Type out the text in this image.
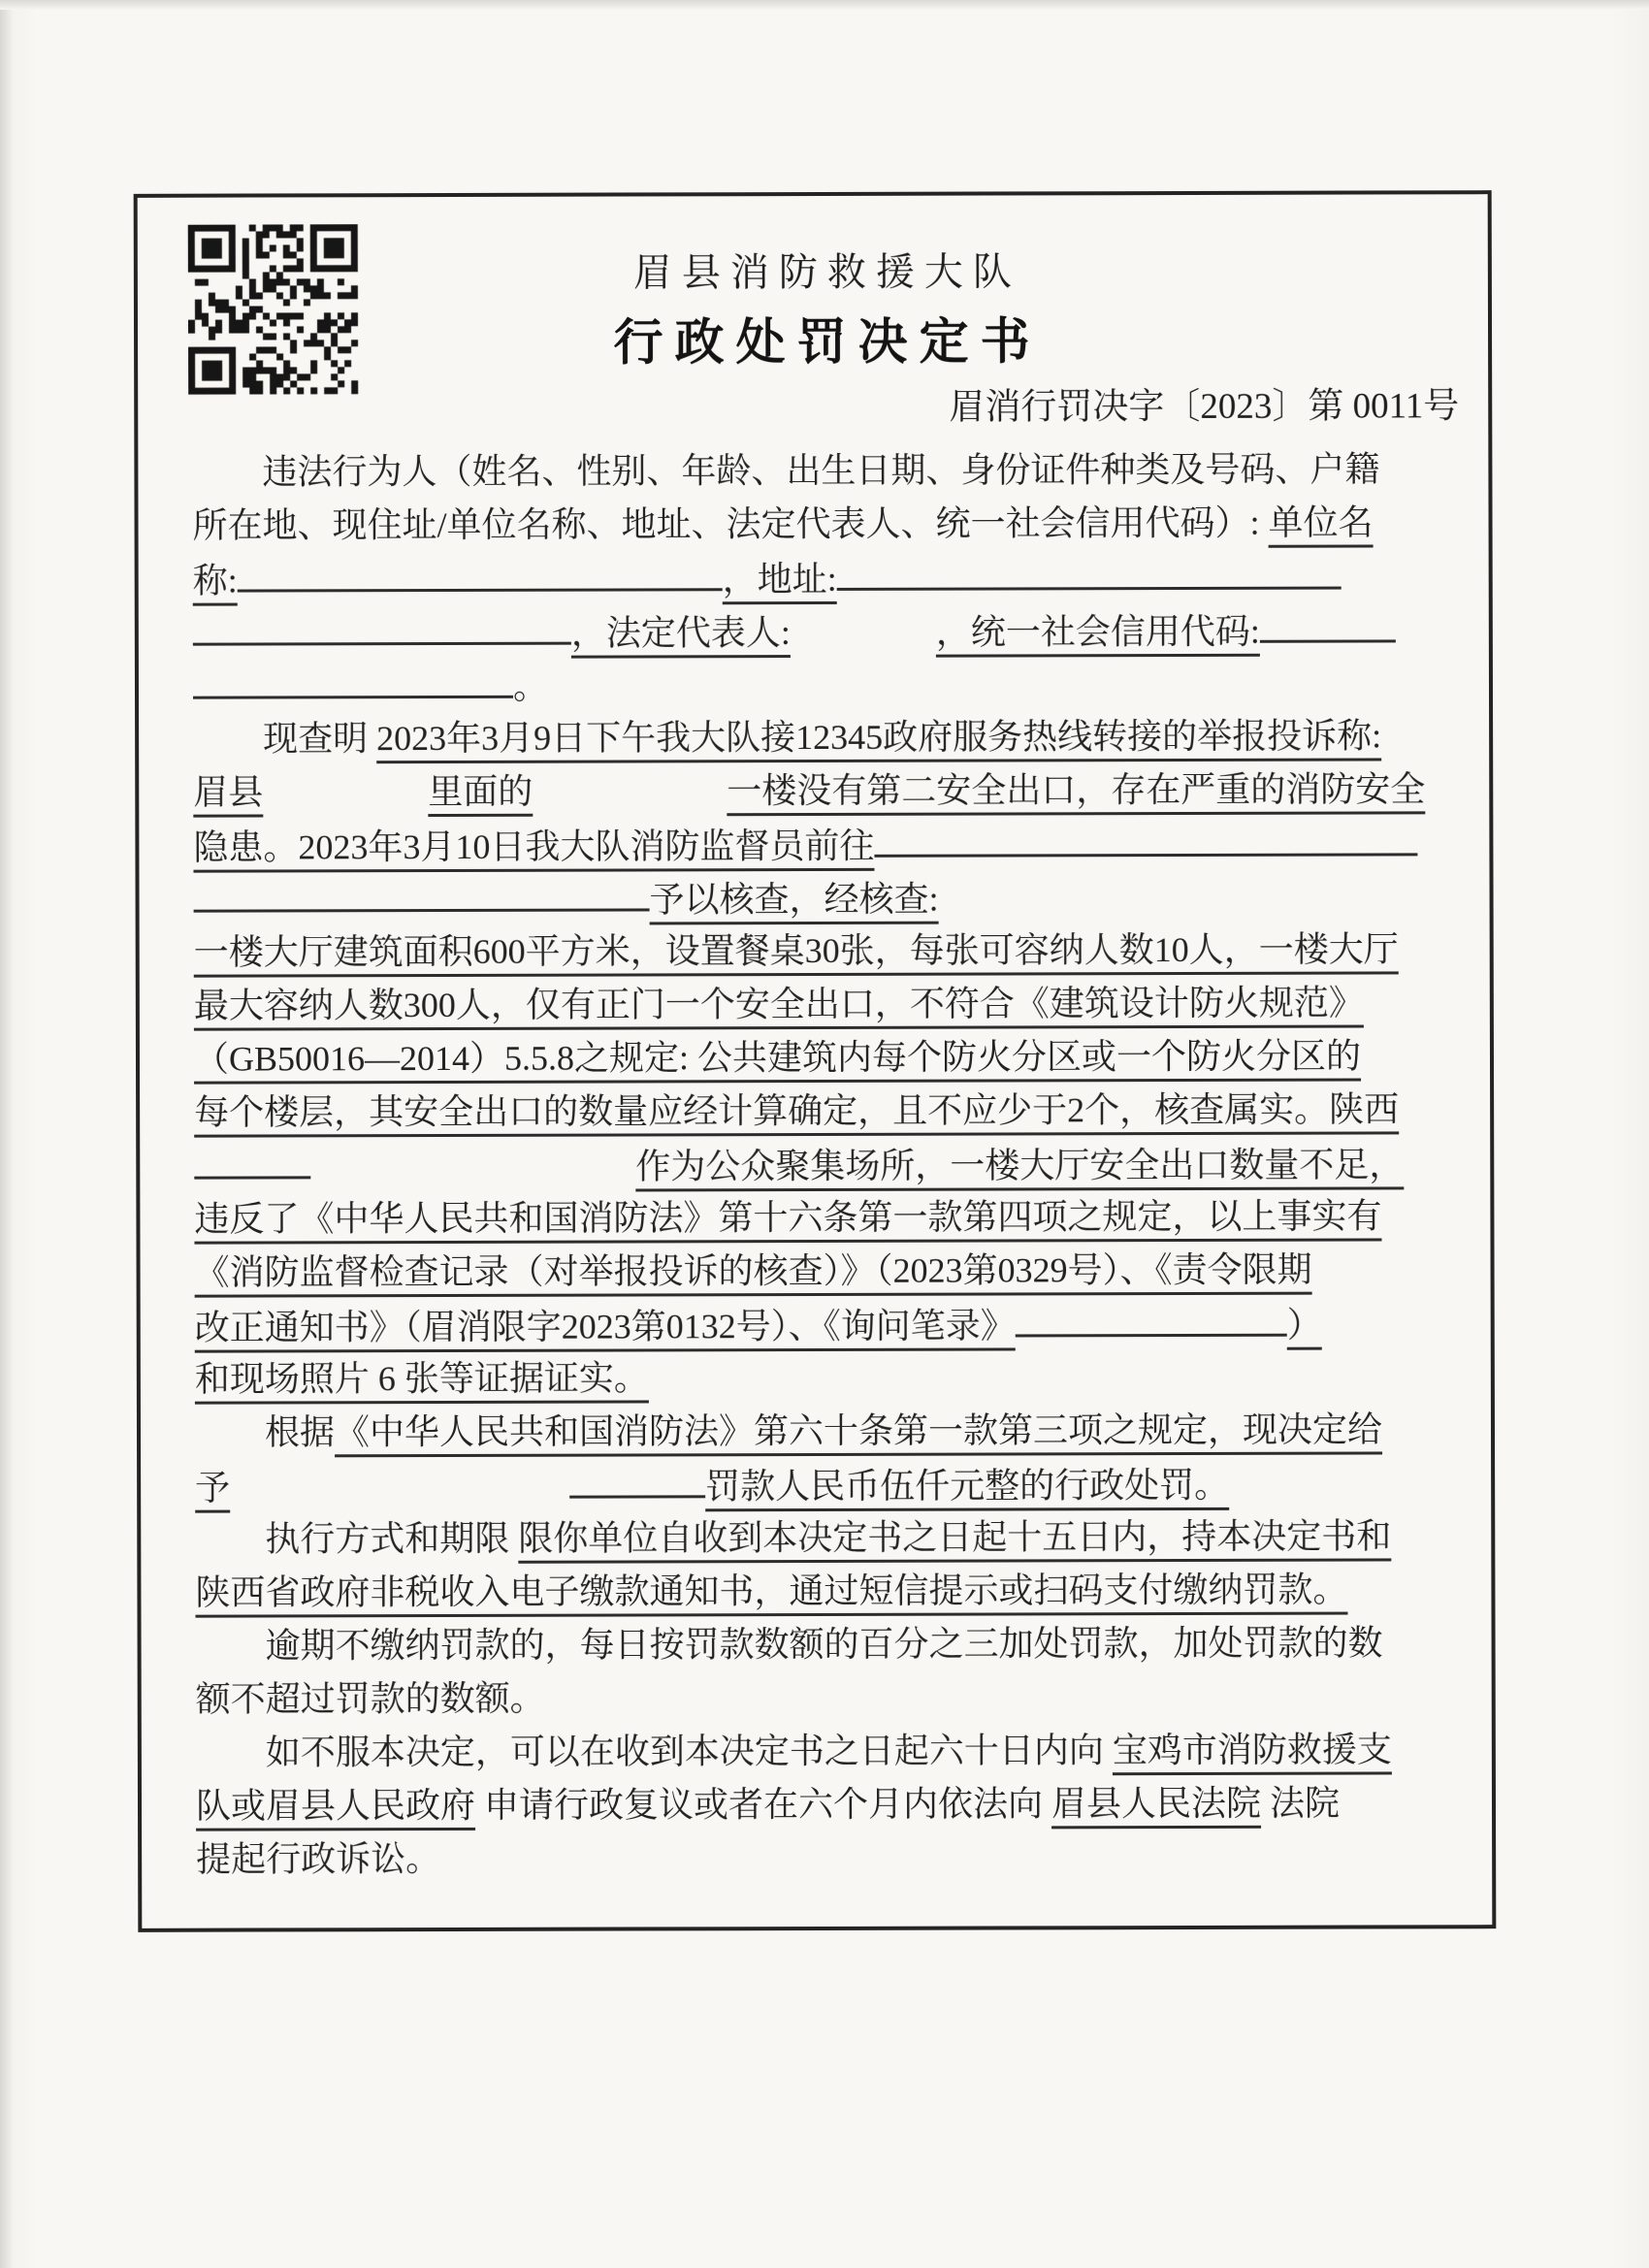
眉县消防救援大队
行政处罚决定书
眉消行罚决字〔2023〕第 0011号
违法行为人（姓名、性别、年龄、出生日期、身份证件种类及号码、户籍
所在地、现住址/单位名称、地址、法定代表人、统一社会信用代码）: 单位名
称:	，地址:
，法定代表人:	，统一社会信用代码:
。
现查明 2023年3月9日下午我大队接12345政府服务热线转接的举报投诉称:
眉县	里面的	一楼没有第二安全出口，存在严重的消防安全
隐患。2023年3月10日我大队消防监督员前往
予以核查，经核查:
一楼大厅建筑面积600平方米，设置餐桌30张，每张可容纳人数10人，一楼大厅
最大容纳人数300人，仅有正门一个安全出口，不符合《建筑设计防火规范》
（GB50016—2014）5.5.8之规定: 公共建筑内每个防火分区或一个防火分区的
每个楼层，其安全出口的数量应经计算确定，且不应少于2个，核查属实。陕西
作为公众聚集场所，一楼大厅安全出口数量不足，
违反了《中华人民共和国消防法》第十六条第一款第四项之规定，以上事实有
《消防监督检查记录（对举报投诉的核查）》（2023第0329号）、《责令限期
改正通知书》（眉消限字2023第0132号）、《询问笔录》	）
和现场照片 6 张等证据证实。
根据《中华人民共和国消防法》第六十条第一款第三项之规定，现决定给
予	罚款人民币伍仟元整的行政处罚。
执行方式和期限 限你单位自收到本决定书之日起十五日内，持本决定书和
陕西省政府非税收入电子缴款通知书，通过短信提示或扫码支付缴纳罚款。
逾期不缴纳罚款的，每日按罚款数额的百分之三加处罚款，加处罚款的数
额不超过罚款的数额。
如不服本决定，可以在收到本决定书之日起六十日内向 宝鸡市消防救援支
队或眉县人民政府 申请行政复议或者在六个月内依法向 眉县人民法院 法院
提起行政诉讼。
